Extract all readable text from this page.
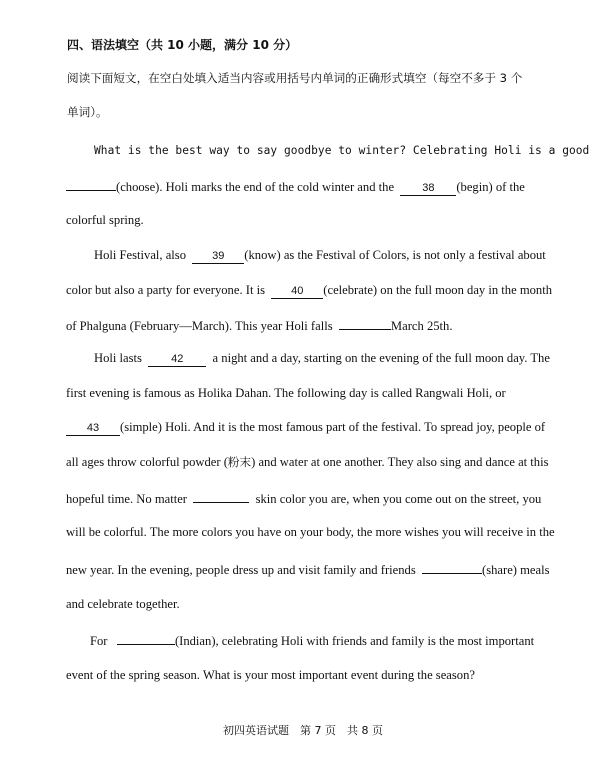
四、语法填空（共 10 小题，满分 10 分）
阅读下面短文，在空白处填入适当内容或用括号内单词的正确形式填空（每空不多于 3 个
单词）。
What is the best way to say goodbye to winter? Celebrating Holi is a good
(choose). Holi marks the end of the cold winter and the	38 (begin) of the
colorful spring.
Holi Festival, also 39 (know) as the Festival of Colors, is not only a festival about
color but also a party for everyone. It is 40 (celebrate) on the full moon day in the month
of Phalguna (February—March). This year Holi falls	March 25th.
Holi lasts	42 a night and a day, starting on the evening of the full moon day. The
first evening is famous as Holika Dahan. The following day is called Rangwali Holi, or
43 (simple) Holi. And it is the most famous part of the festival. To spread joy, people of
all ages throw colorful powder (粉末) and water at one another. They also sing and dance at this
hopeful time. No matter	skin color you are, when you come out on the street, you
will be colorful. The more colors you have on your body, the more wishes you will receive in the
new year. In the evening, people dress up and visit family and friends	(share) meals
and celebrate together.
For	(Indian), celebrating Holi with friends and family is the most important
event of the spring season. What is your most important event during the season?
初四英语试题　第 7 页　共 8 页
